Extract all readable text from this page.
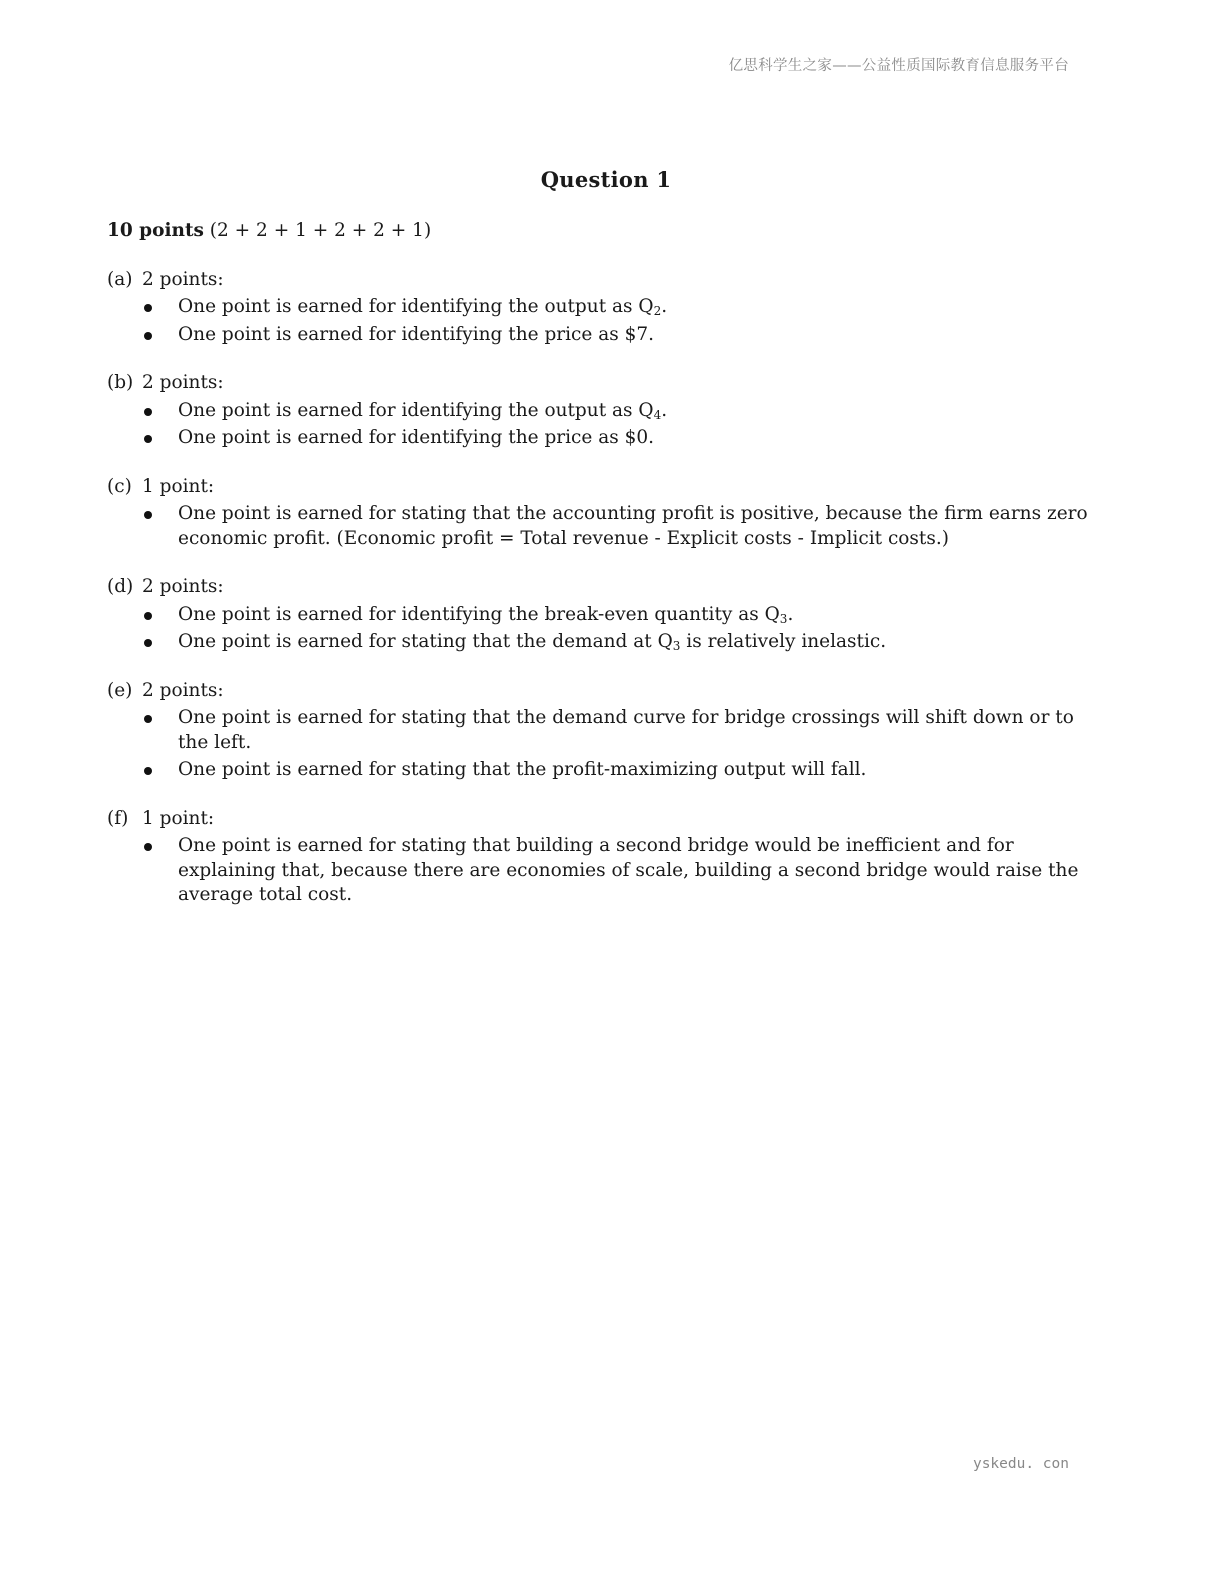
亿思科学生之家——公益性质国际教育信息服务平台
Question 1

10 points (2 + 2 + 1 + 2 + 2 + 1)

(a) 2 points:
One point is earned for identifying the output as $Q_2$.
One point is earned for identifying the price as $7.
(b) 2 points:
One point is earned for identifying the output as $Q_4$.
One point is earned for identifying the price as $0.
(c) 1 point:
One point is earned for stating that the accounting profit is positive, because the firm earns zero economic profit. (Economic profit = Total revenue - Explicit costs - Implicit costs.)
(d) 2 points:
One point is earned for identifying the break-even quantity as $Q_3$.
One point is earned for stating that the demand at $Q_3$ is relatively inelastic.
(e) 2 points:
One point is earned for stating that the demand curve for bridge crossings will shift down or to the left.
One point is earned for stating that the profit-maximizing output will fall.
(f) 1 point:
One point is earned for stating that building a second bridge would be inefficient and for explaining that, because there are economies of scale, building a second bridge would raise the average total cost.
yskedu. con
